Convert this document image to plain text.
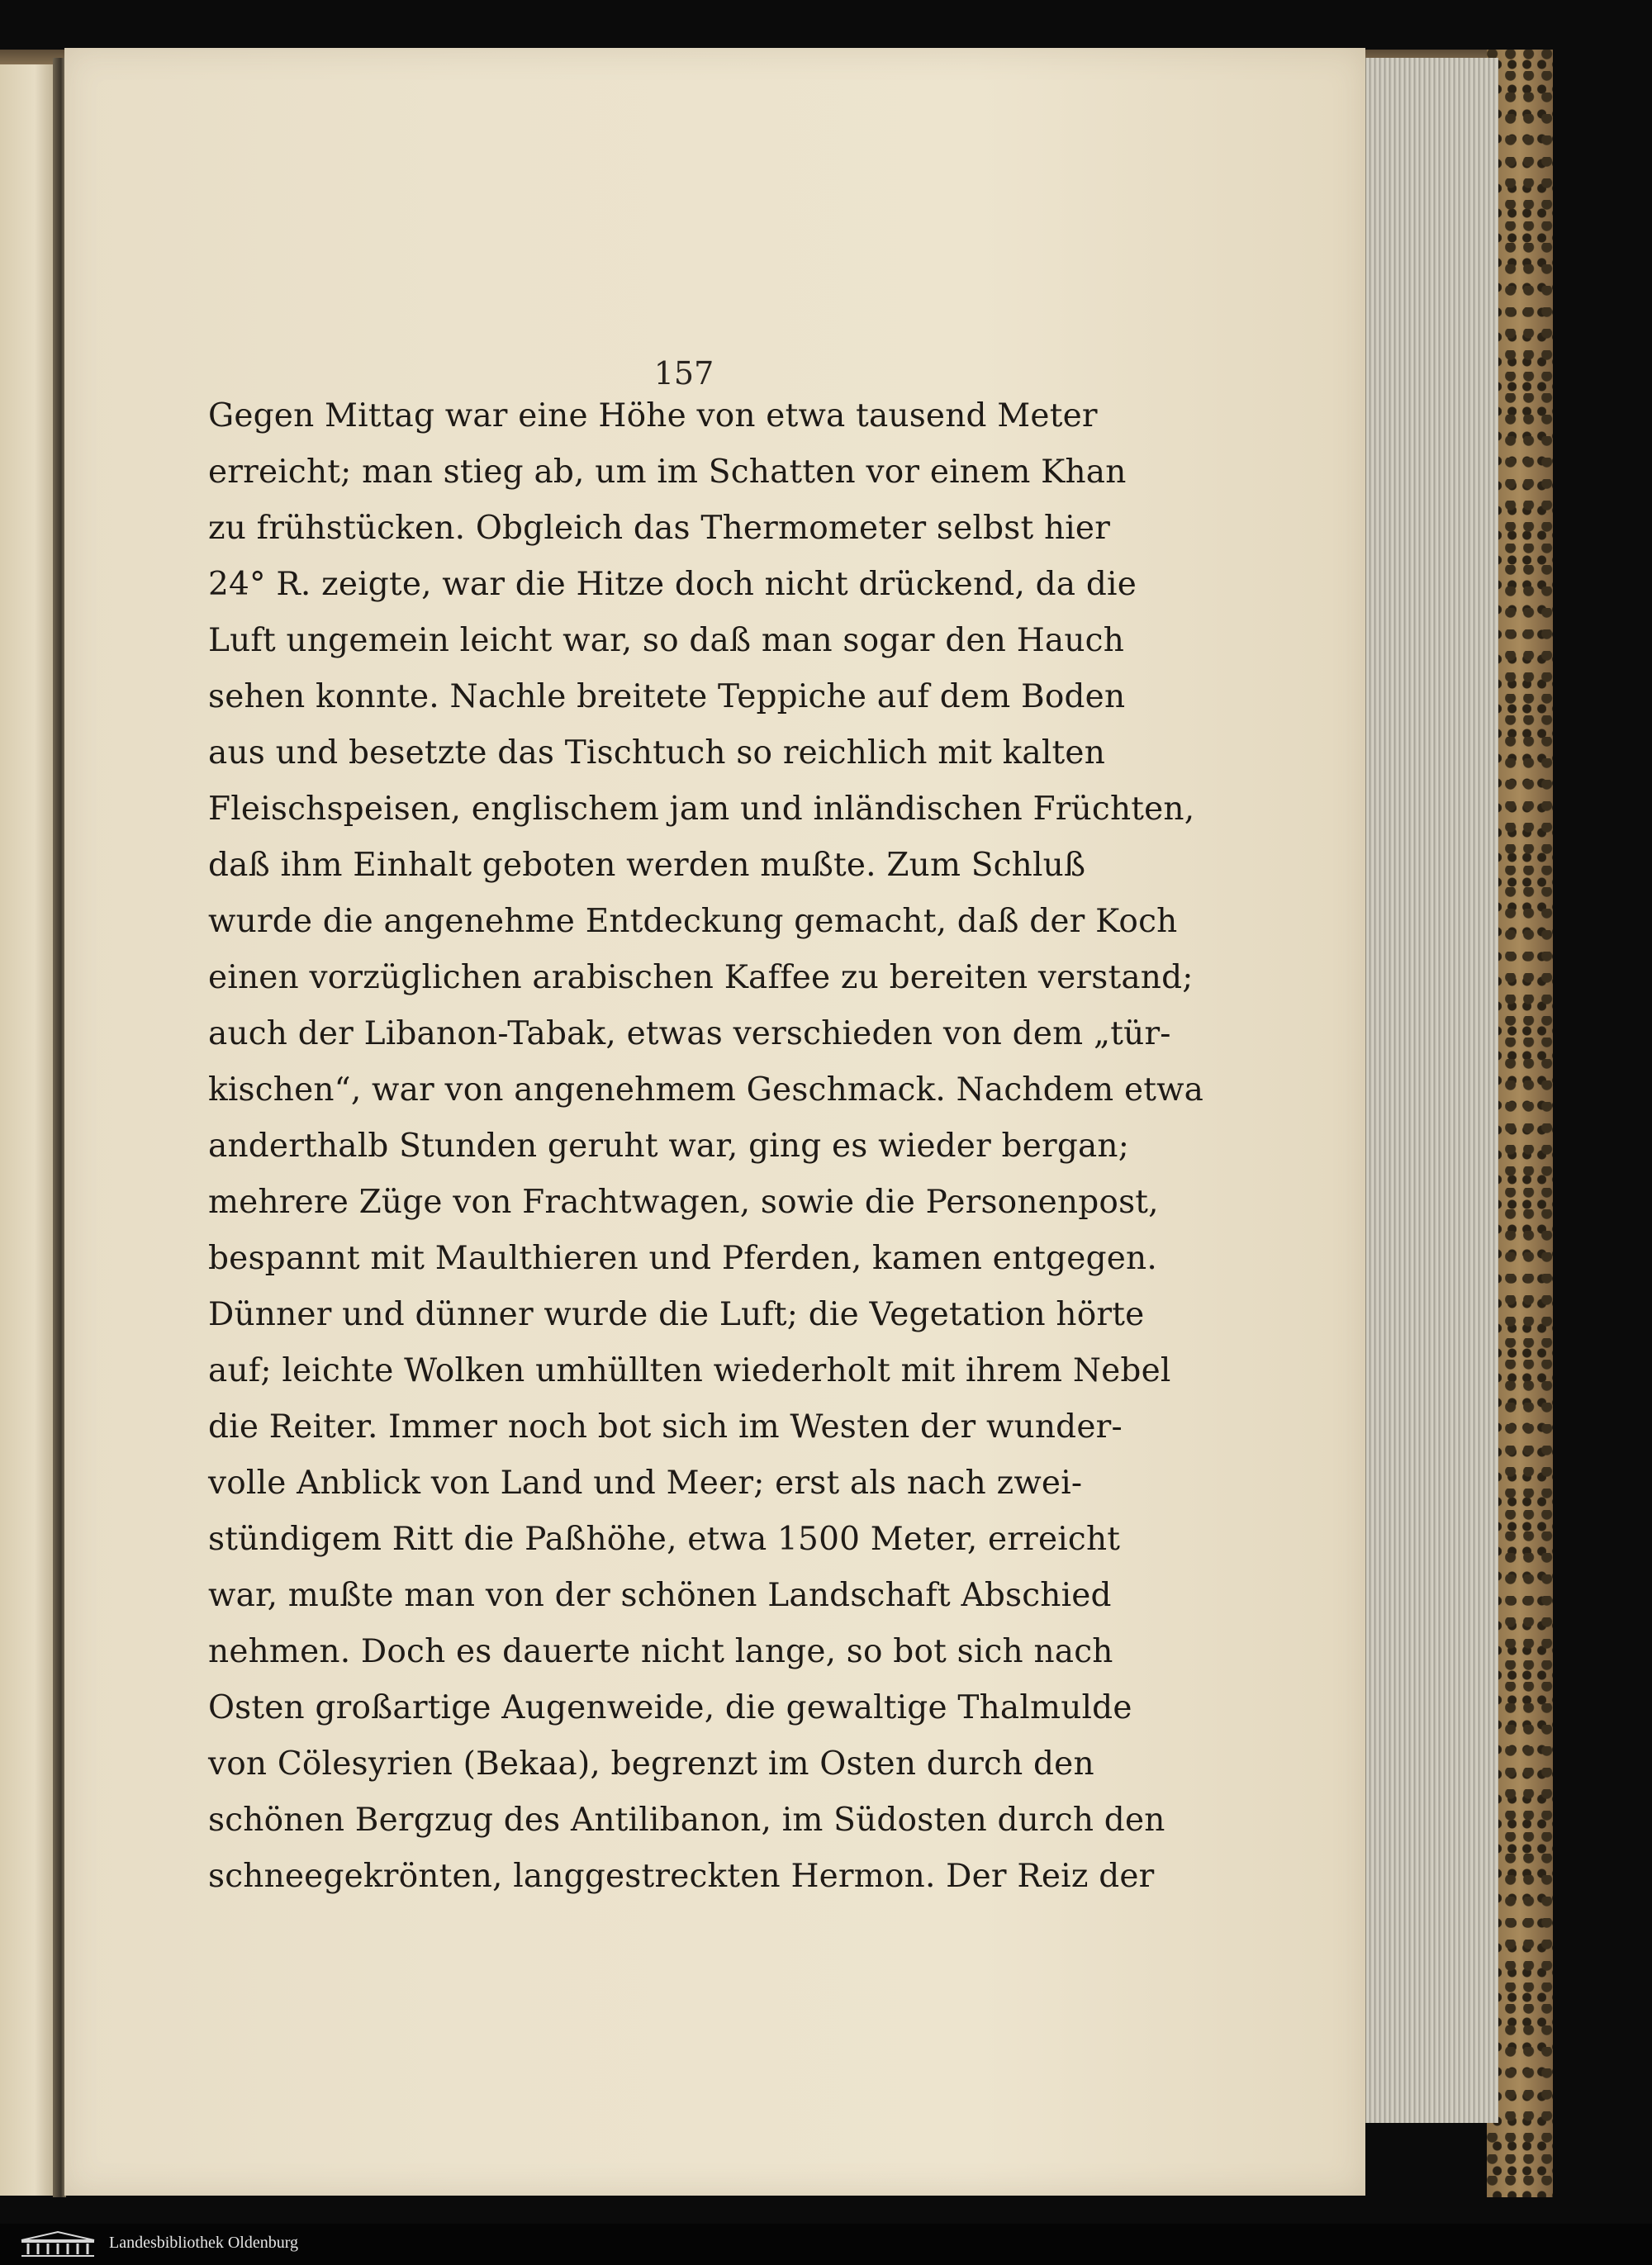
157
Gegen Mittag war eine Höhe von etwa tausend Meter
erreicht; man stieg ab, um im Schatten vor einem Khan
zu frühstücken. Obgleich das Thermometer selbst hier
24° R. zeigte, war die Hitze doch nicht drückend, da die
Luft ungemein leicht war, so daß man sogar den Hauch
sehen konnte. Nachle breitete Teppiche auf dem Boden
aus und besetzte das Tischtuch so reichlich mit kalten
Fleischspeisen, englischem jam und inländischen Früchten,
daß ihm Einhalt geboten werden mußte. Zum Schluß
wurde die angenehme Entdeckung gemacht, daß der Koch
einen vorzüglichen arabischen Kaffee zu bereiten verstand;
auch der Libanon-Tabak, etwas verschieden von dem „tür-
kischen“, war von angenehmem Geschmack. Nachdem etwa
anderthalb Stunden geruht war, ging es wieder bergan;
mehrere Züge von Frachtwagen, sowie die Personenpost,
bespannt mit Maulthieren und Pferden, kamen entgegen.
Dünner und dünner wurde die Luft; die Vegetation hörte
auf; leichte Wolken umhüllten wiederholt mit ihrem Nebel
die Reiter. Immer noch bot sich im Westen der wunder-
volle Anblick von Land und Meer; erst als nach zwei-
stündigem Ritt die Paßhöhe, etwa 1500 Meter, erreicht
war, mußte man von der schönen Landschaft Abschied
nehmen. Doch es dauerte nicht lange, so bot sich nach
Osten großartige Augenweide, die gewaltige Thalmulde
von Cölesyrien (Bekaa), begrenzt im Osten durch den
schönen Bergzug des Antilibanon, im Südosten durch den
schneegekrönten, langgestreckten Hermon. Der Reiz der
Landesbibliothek Oldenburg
